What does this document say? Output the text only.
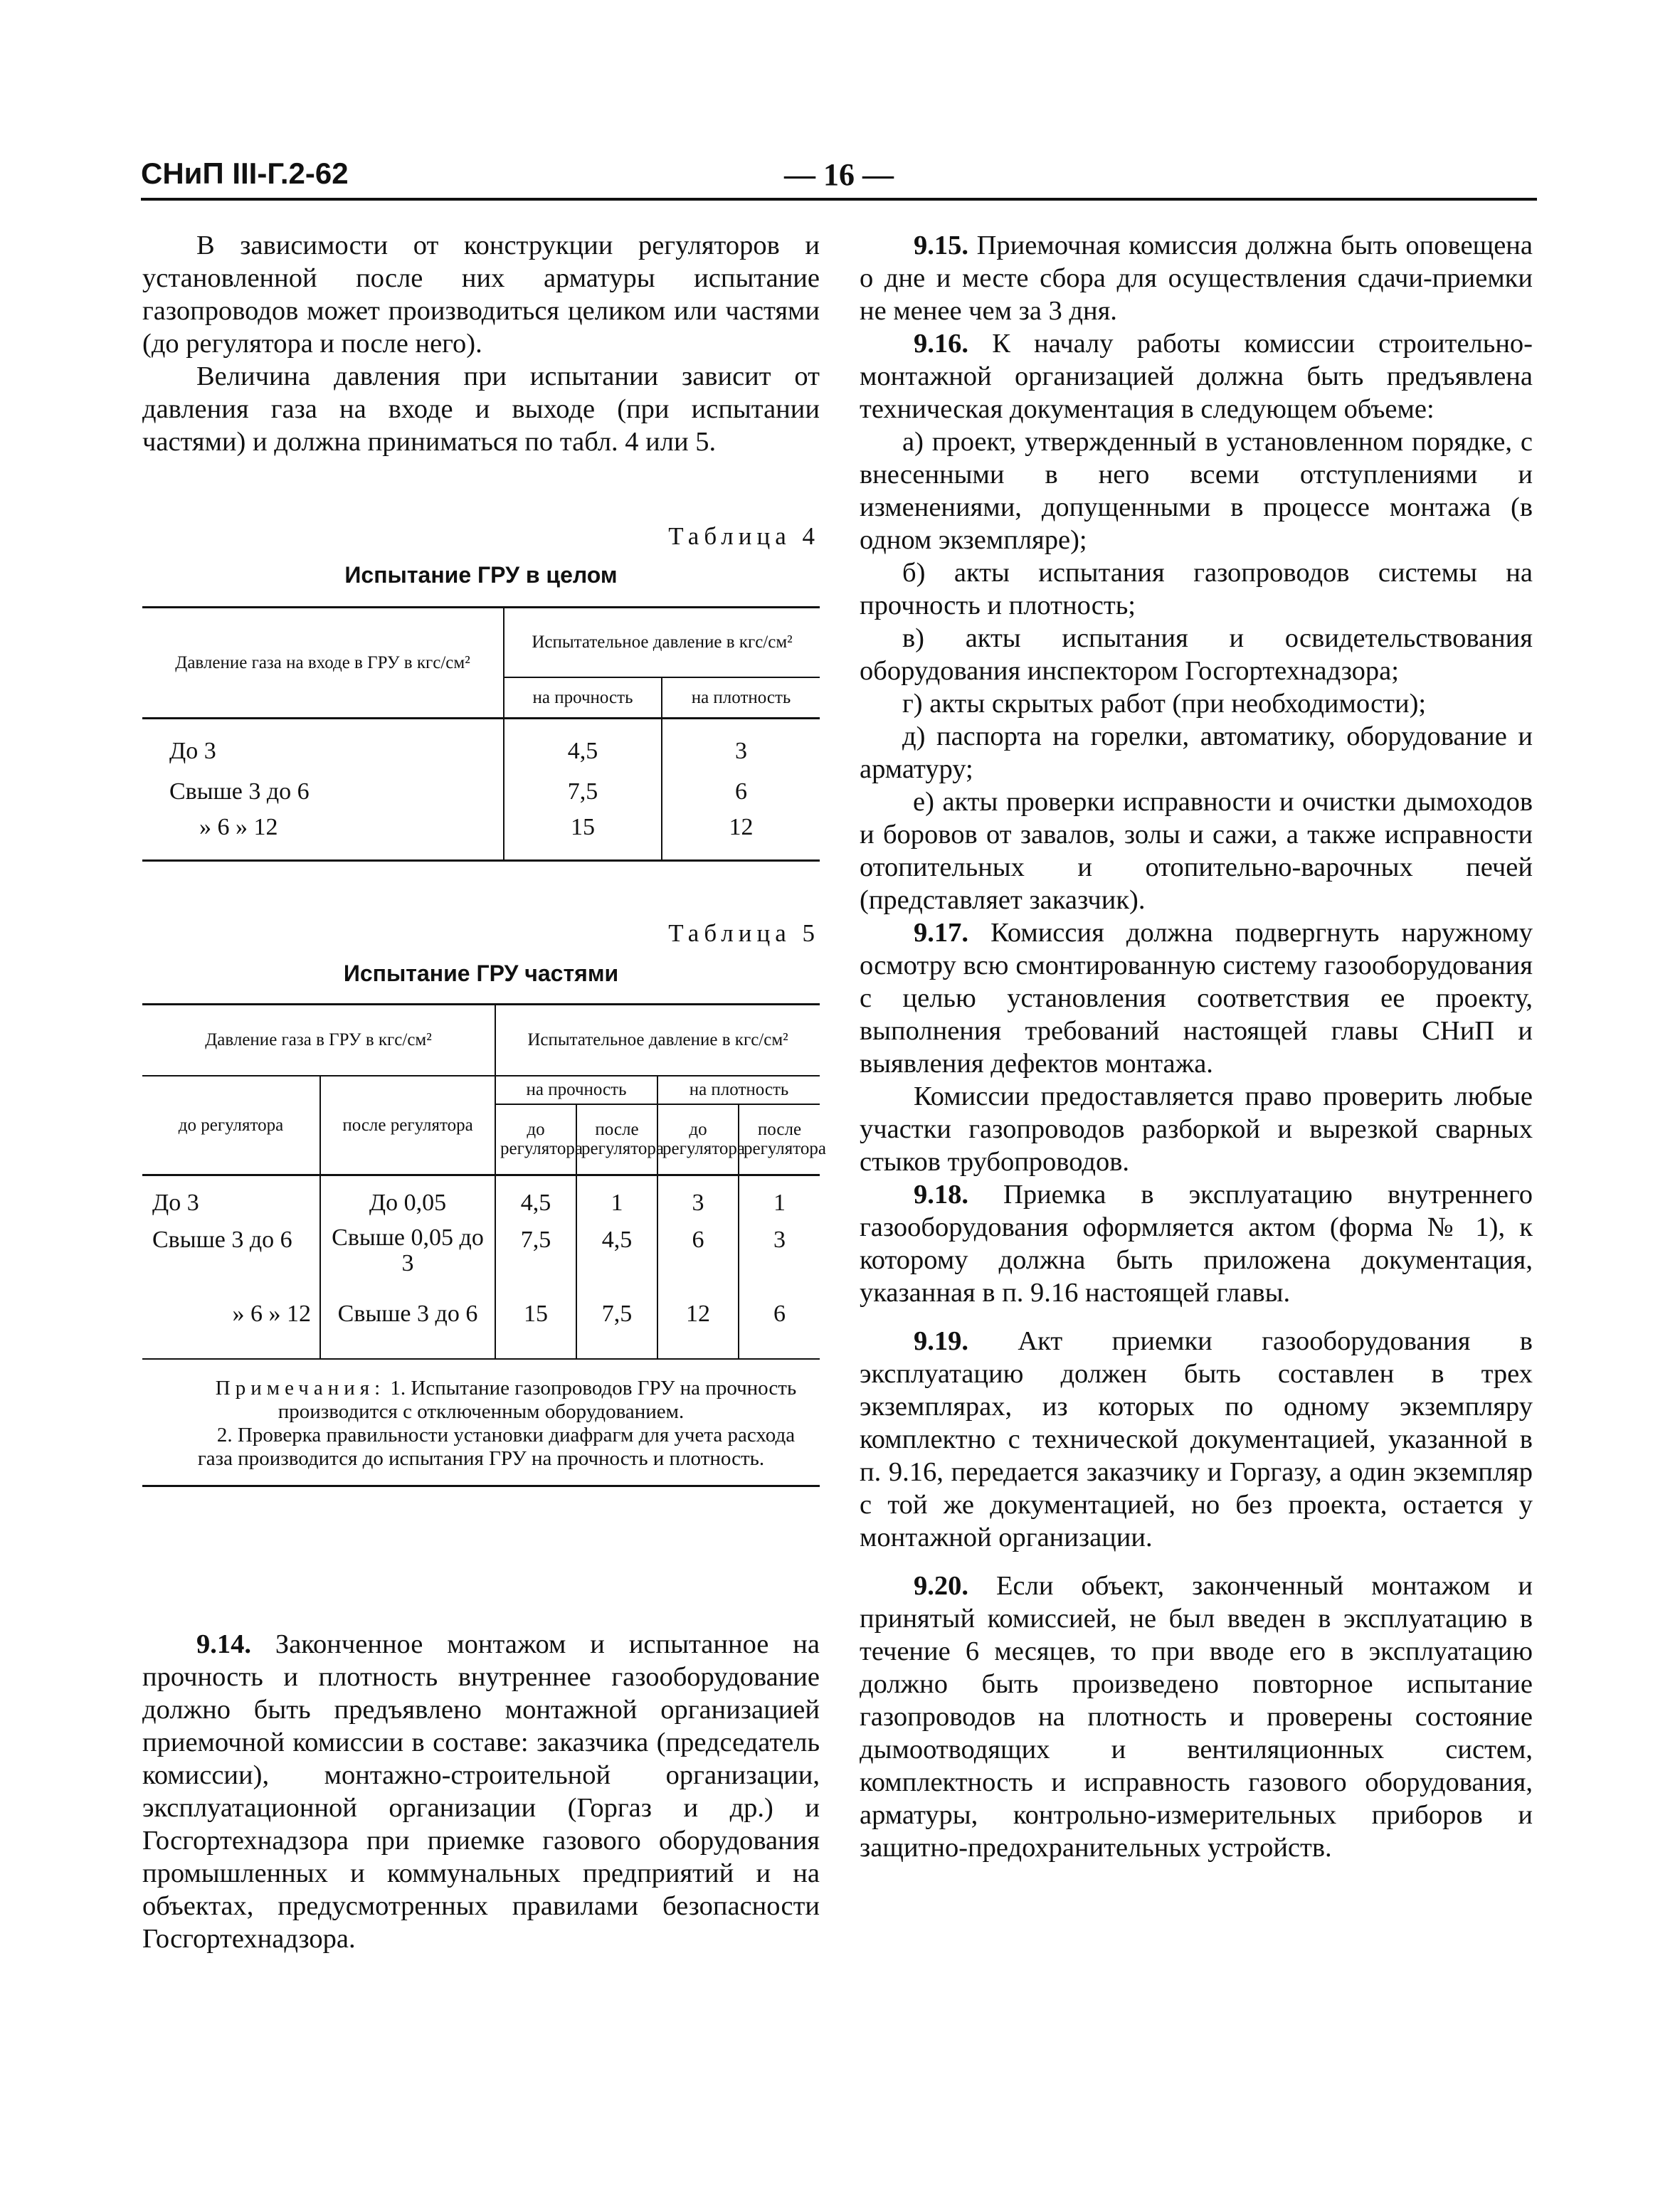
— 16 —
СНиП III-Г.2-62

В зависимости от конструкции регуляторов и установленной после них арматуры испытание газопроводов может производиться целиком или частями (до регулятора и после него).

Величина давления при испытании зависит от давления газа на входе и выходе (при испытании частями) и должна приниматься по табл. 4 или 5.

Таблица 4
Испытание ГРУ в целом
Давление газа на входе в ГРУ в кгс/см²	Испытательное давление в кгс/см²	
	на прочность	на плотность
До 3	4,5	3
Свыше 3 до 6	7,5	6
» 6 » 12	15	12
Таблица 5
Испытание ГРУ частями
Давление газа в ГРУ в кгс/см²		Испытательное давление в кгс/см²			
до регулятора	после регулятора	на прочность		на плотность	
		до регулятора	после регулятора	до регулятора	после регулятора
До 3	До 0,05	4,5	1	3	1
Свыше 3 до 6	Свыше 0,05 до 3	7,5	4,5	6	3
» 6 » 12	Свыше 3 до 6	15	7,5	12	6

Примечания: 1. Испытание газопроводов ГРУ на прочность производится с отключенным оборудованием.
2. Проверка правильности установки диафрагм для учета расхода газа производится до испытания ГРУ на прочность и плотность.					

9.14. Законченное монтажом и испытанное на прочность и плотность внутреннее газооборудование должно быть предъявлено монтажной организацией приемочной комиссии в составе: заказчика (председатель комиссии), монтажно-строительной организации, эксплуатационной организации (Горгаз и др.) и Госгортехнадзора при приемке газового оборудования промышленных и коммунальных предприятий и на объектах, предусмотренных правилами безопасности Госгортехнадзора.

9.15. Приемочная комиссия должна быть оповещена о дне и месте сбора для осуществления сдачи-приемки не менее чем за 3 дня.

9.16. К началу работы комиссии строительно-монтажной организацией должна быть предъявлена техническая документация в следующем объеме:

а) проект, утвержденный в установленном порядке, с внесенными в него всеми отступлениями и изменениями, допущенными в процессе монтажа (в одном экземпляре);

б) акты испытания газопроводов системы на прочность и плотность;

в) акты испытания и освидетельствования оборудования инспектором Госгортехнадзора;

г) акты скрытых работ (при необходимости);

д) паспорта на горелки, автоматику, оборудование и арматуру;

е) акты проверки исправности и очистки дымоходов и боровов от завалов, золы и сажи, а также исправности отопительных и отопительно-варочных печей (представляет заказчик).

9.17. Комиссия должна подвергнуть наружному осмотру всю смонтированную систему газооборудования с целью установления соответствия ее проекту, выполнения требований настоящей главы СНиП и выявления дефектов монтажа.

Комиссии предоставляется право проверить любые участки газопроводов разборкой и вырезкой сварных стыков трубопроводов.

9.18. Приемка в эксплуатацию внутреннего газооборудования оформляется актом (форма № 1), к которому должна быть приложена документация, указанная в п. 9.16 настоящей главы.

9.19. Акт приемки газооборудования в эксплуатацию должен быть составлен в трех экземплярах, из которых по одному экземпляру комплектно с технической документацией, указанной в п. 9.16, передается заказчику и Горгазу, а один экземпляр с той же документацией, но без проекта, остается у монтажной организации.

9.20. Если объект, законченный монтажом и принятый комиссией, не был введен в эксплуатацию в течение 6 месяцев, то при вводе его в эксплуатацию должно быть произведено повторное испытание газопроводов на плотность и проверены состояние дымоотводящих и вентиляционных систем, комплектность и исправность газового оборудования, арматуры, контрольно-измерительных приборов и защитно-предохранительных устройств.
